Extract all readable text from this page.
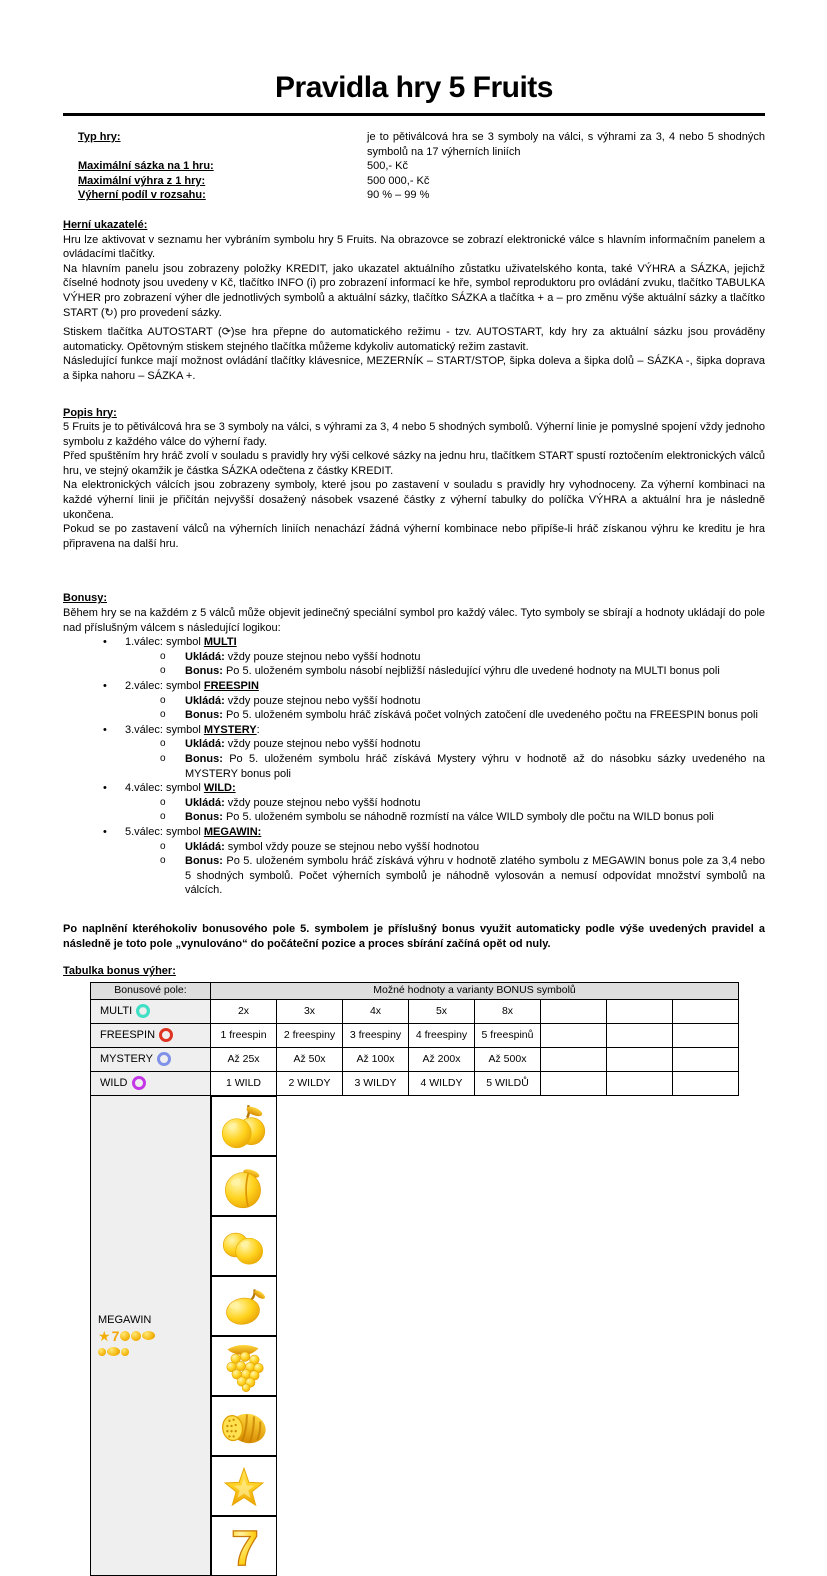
Pravidla hry 5 Fruits
Typ hry:	je to pětiválcová hra se 3 symboly na válci, s výhrami za 3, 4 nebo 5 shodných symbolů na 17 výherních liniích
Maximální sázka na 1 hru:	500,- Kč
Maximální výhra z 1 hry:	500 000,- Kč
Výherní podíl v rozsahu:	90 % – 99 %
Herní ukazatelé:

Hru lze aktivovat v seznamu her vybráním symbolu hry 5 Fruits. Na obrazovce se zobrazí elektronické válce s hlavním informačním panelem a ovládacími tlačítky.

Na hlavním panelu jsou zobrazeny položky KREDIT, jako ukazatel aktuálního zůstatku uživatelského konta, také VÝHRA a SÁZKA, jejichž číselné hodnoty jsou uvedeny v Kč, tlačítko INFO (i) pro zobrazení informací ke hře, symbol reproduktoru pro ovládání zvuku, tlačítko TABULKA VÝHER pro zobrazení výher dle jednotlivých symbolů a aktuální sázky, tlačítko SÁZKA a tlačítka + a – pro změnu výše aktuální sázky a tlačítko START (↻) pro provedení sázky.

Stiskem tlačítka AUTOSTART (⟳)se hra přepne do automatického režimu - tzv. AUTOSTART, kdy hry za aktuální sázku jsou prováděny automaticky. Opětovným stiskem stejného tlačítka můžeme kdykoliv automatický režim zastavit.

Následující funkce mají možnost ovládání tlačítky klávesnice, MEZERNÍK – START/STOP, šipka doleva a šipka dolů – SÁZKA -, šipka doprava a šipka nahoru – SÁZKA +.

Popis hry:

5 Fruits je to pětiválcová hra se 3 symboly na válci, s výhrami za 3, 4 nebo 5 shodných symbolů. Výherní linie je pomyslné spojení vždy jednoho symbolu z každého válce do výherní řady.

Před spuštěním hry hráč zvolí v souladu s pravidly hry výši celkové sázky na jednu hru, tlačítkem START spustí roztočením elektronických válců hru, ve stejný okamžik je částka SÁZKA odečtena z částky KREDIT.

Na elektronických válcích jsou zobrazeny symboly, které jsou po zastavení v souladu s pravidly hry vyhodnoceny. Za výherní kombinaci na každé výherní linii je přičítán nejvyšší dosažený násobek vsazené částky z výherní tabulky do políčka VÝHRA a aktuální hra je následně ukončena.

Pokud se po zastavení válců na výherních liniích nenachází žádná výherní kombinace nebo připíše-li hráč získanou výhru ke kreditu je hra připravena na další hru.

Bonusy:

Během hry se na každém z 5 válců může objevit jedinečný speciální symbol pro každý válec. Tyto symboly se sbírají a hodnoty ukládají do pole nad příslušným válcem s následující logikou:

• 1.válec: symbol MULTI
o Ukládá: vždy pouze stejnou nebo vyšší hodnotu
o Bonus: Po 5. uloženém symbolu násobí nejbližší následující výhru dle uvedené hodnoty na MULTI bonus poli
• 2.válec: symbol FREESPIN
o Ukládá: vždy pouze stejnou nebo vyšší hodnotu
o Bonus: Po 5. uloženém symbolu hráč získává počet volných zatočení dle uvedeného počtu na FREESPIN bonus poli
• 3.válec: symbol MYSTERY:
o Ukládá: vždy pouze stejnou nebo vyšší hodnotu
o Bonus: Po 5. uloženém symbolu hráč získává Mystery výhru v hodnotě až do násobku sázky uvedeného na MYSTERY bonus poli
• 4.válec: symbol WILD:
o Ukládá: vždy pouze stejnou nebo vyšší hodnotu
o Bonus: Po 5. uloženém symbolu se náhodně rozmístí na válce WILD symboly dle počtu na WILD bonus poli
• 5.válec: symbol MEGAWIN:
o Ukládá: symbol vždy pouze se stejnou nebo vyšší hodnotou
o Bonus: Po 5. uloženém symbolu hráč získává výhru v hodnotě zlatého symbolu z MEGAWIN bonus pole za 3,4 nebo 5 shodných symbolů. Počet výherních symbolů je náhodně vylosován a nemusí odpovídat množství symbolů na válcích.

Po naplnění kteréhokoliv bonusového pole 5. symbolem je příslušný bonus využit automaticky podle výše uvedených pravidel a následně je toto pole „vynulováno“ do počáteční pozice a proces sbírání začíná opět od nuly.

Tabulka bonus výher:
Bonusové pole:	Možné hodnoty a varianty BONUS symbolů							

MULTI	2x	3x	4x	5x	8x			

FREESPIN	1 freespin	2 freespiny	3 freespiny	4 freespiny	5 freespinů			

MYSTERY	Až 25x	Až 50x	Až 100x	Až 200x	Až 500x			

WILD	1 WILD	2 WILDY	3 WILDY	4 WILDY	5 WILDŮ			

MEGAWIN
★ 7

7
